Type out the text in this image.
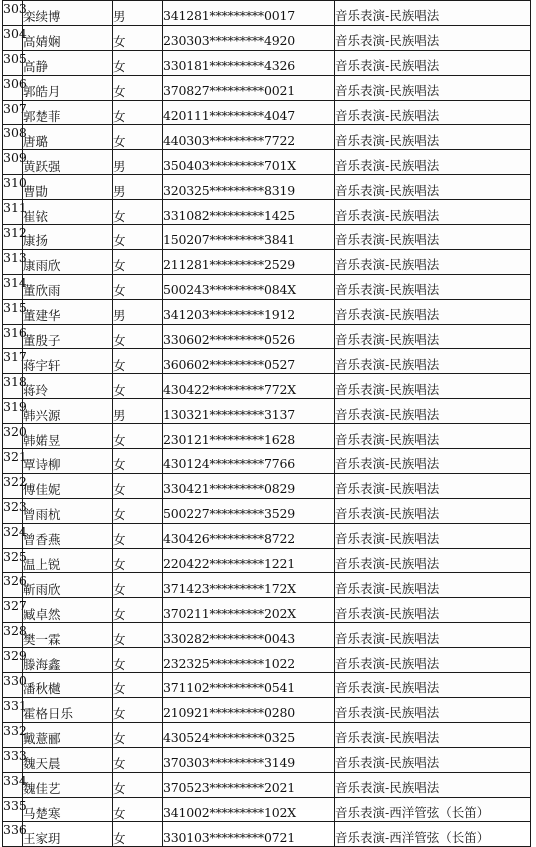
303	栾续博	男	341281*********0017	音乐表演-民族唱法
304	高婧娴	女	230303*********4920	音乐表演-民族唱法
305	高静	女	330181*********4326	音乐表演-民族唱法
306	郭皓月	女	370827*********0021	音乐表演-民族唱法
307	郭楚菲	女	420111*********4047	音乐表演-民族唱法
308	唐璐	女	440303*********7722	音乐表演-民族唱法
309	黄跃强	男	350403*********701X	音乐表演-民族唱法
310	曹勖	男	320325*********8319	音乐表演-民族唱法
311	崔铱	女	331082*********1425	音乐表演-民族唱法
312	康扬	女	150207*********3841	音乐表演-民族唱法
313	康雨欣	女	211281*********2529	音乐表演-民族唱法
314	董欣雨	女	500243*********084X	音乐表演-民族唱法
315	董建华	男	341203*********1912	音乐表演-民族唱法
316	董殷子	女	330602*********0526	音乐表演-民族唱法
317	蒋宇轩	女	360602*********0527	音乐表演-民族唱法
318	蒋玲	女	430422*********772X	音乐表演-民族唱法
319	韩兴源	男	130321*********3137	音乐表演-民族唱法
320	韩婼昱	女	230121*********1628	音乐表演-民族唱法
321	覃诗柳	女	430124*********7766	音乐表演-民族唱法
322	傅佳妮	女	330421*********0829	音乐表演-民族唱法
323	曾雨杭	女	500227*********3529	音乐表演-民族唱法
324	曾香燕	女	430426*********8722	音乐表演-民族唱法
325	温上锐	女	220422*********1221	音乐表演-民族唱法
326	靳雨欣	女	371423*********172X	音乐表演-民族唱法
327	臧卓然	女	370211*********202X	音乐表演-民族唱法
328	樊一霖	女	330282*********0043	音乐表演-民族唱法
329	滕海鑫	女	232325*********1022	音乐表演-民族唱法
330	潘秋樾	女	371102*********0541	音乐表演-民族唱法
331	霍格日乐	女	210921*********0280	音乐表演-民族唱法
332	戴薏郦	女	430524*********0325	音乐表演-民族唱法
333	魏天晨	女	370303*********3149	音乐表演-民族唱法
334	魏佳艺	女	370523*********2021	音乐表演-民族唱法
335	马楚寒	女	341002*********102X	音乐表演-西洋管弦（长笛）
336	王家玥	女	330103*********0721	音乐表演-西洋管弦（长笛）
